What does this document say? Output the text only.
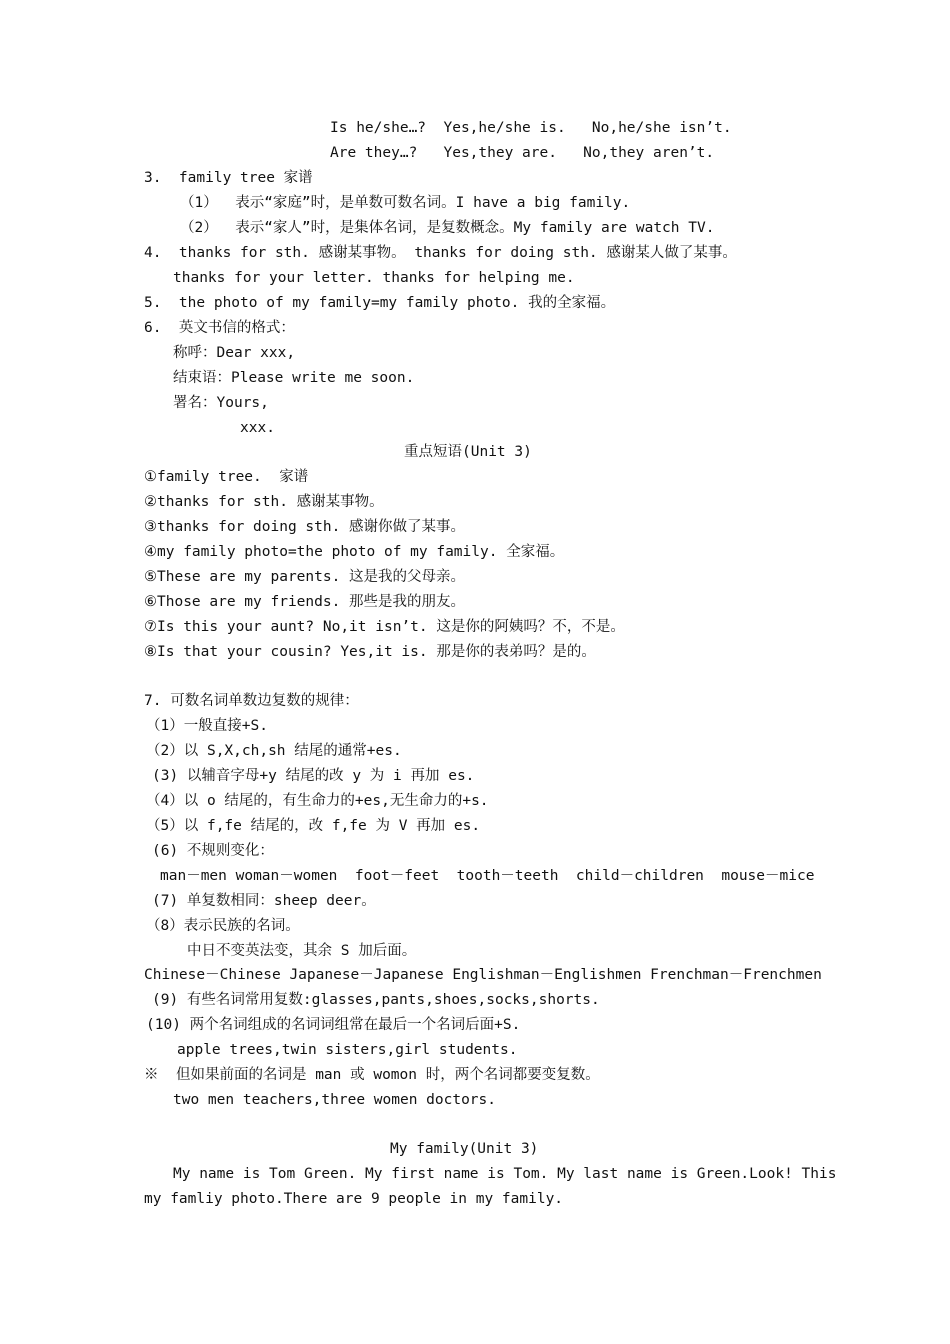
Is he/she…?  Yes,he/she is.   No,he/she isn’t.
Are they…?   Yes,they are.   No,they aren’t.
3.  family tree 家谱
（1）  表示“家庭”时，是单数可数名词。I have a big family.
（2）  表示“家人”时，是集体名词，是复数概念。My family are watch TV.
4.  thanks for sth. 感谢某事物。 thanks for doing sth. 感谢某人做了某事。
thanks for your letter. thanks for helping me.
5.  the photo of my family=my family photo. 我的全家福。
6.  英文书信的格式：
称呼：Dear xxx,
结束语：Please write me soon.
署名：Yours,
xxx.
重点短语(Unit 3)
①family tree.  家谱
②thanks for sth. 感谢某事物。
③thanks for doing sth. 感谢你做了某事。
④my family photo=the photo of my family. 全家福。
⑤These are my parents. 这是我的父母亲。
⑥Those are my friends. 那些是我的朋友。
⑦Is this your aunt? No,it isn’t. 这是你的阿姨吗？不，不是。
⑧Is that your cousin? Yes,it is. 那是你的表弟吗？是的。
7. 可数名词单数边复数的规律：
（1）一般直接+S.
（2）以 S,X,ch,sh 结尾的通常+es.
(3) 以辅音字母+y 结尾的改 y 为 i 再加 es.
（4）以 o 结尾的，有生命力的+es,无生命力的+s.
（5）以 f,fe 结尾的，改 f,fe 为 V 再加 es.
(6) 不规则变化：
man－men woman－women  foot－feet  tooth－teeth  child－children  mouse－mice
(7) 单复数相同：sheep deer。
（8）表示民族的名词。
中日不变英法变，其余 S 加后面。
Chinese－Chinese Japanese－Japanese Englishman－Englishmen Frenchman－Frenchmen
(9) 有些名词常用复数:glasses,pants,shoes,socks,shorts.
(10) 两个名词组成的名词词组常在最后一个名词后面+S.
apple trees,twin sisters,girl students.
※  但如果前面的名词是 man 或 womon 时，两个名词都要变复数。
two men teachers,three women doctors.
My family(Unit 3)
My name is Tom Green. My first name is Tom. My last name is Green.Look! This
my famliy photo.There are 9 people in my family.
